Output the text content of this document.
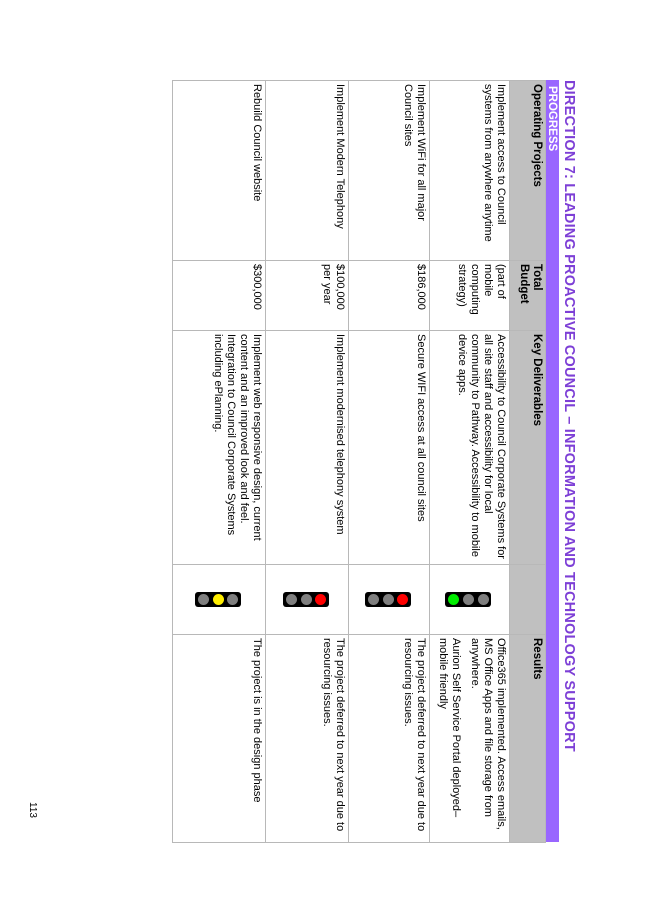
DIRECTION 7: LEADING PROACTIVE COUNCIL – INFORMATION AND TECHNOLOGY SUPPORT
PROGRESS
Operating Projects	Total Budget	Key Deliverables		Results
Implement access to Council systems from anywhere anytime	(part of mobile computing strategy)	Accessibility to Council Corporate Systems for all site staff and accessibility for local community to Pathway. Accessibility to mobile device apps.		Office365 implemented. Access emails, MS Office Apps and file storage from anywhere.
Aurion Self Service Portal deployed– mobile friendly

Implement WiFi for all major Council sites	$186,000	Secure WIFI access at all council sites		The project deferred to next year due to resourcing issues.

Implement Modern Telephony	$100,000 per year	Implement modernised telephony system		The project deferred to next year due to resourcing issues.

Rebuild Council website	$300,000	Implement web responsive design, current content and an improved look and feel. Integration to Council Corporate Systems including ePlanning.		The project is in the design phase
113
